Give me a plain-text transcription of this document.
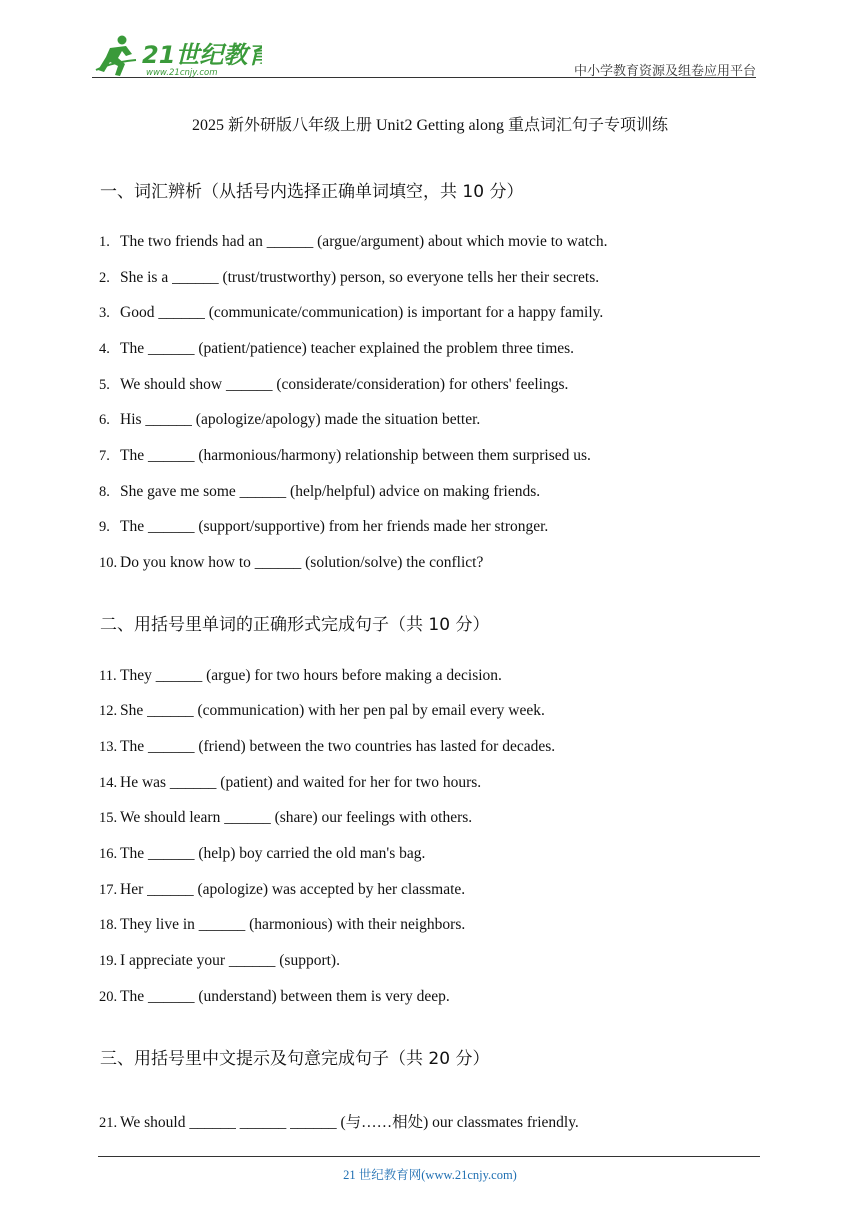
21世纪教育
www.21cnjy.com	中小学教育资源及组卷应用平台
2025 新外研版八年级上册 Unit2 Getting along 重点词汇句子专项训练
一、词汇辨析（从括号内选择正确单词填空，共 10 分）
1. The two friends had an ______ (argue/argument) about which movie to watch.
2. She is a ______ (trust/trustworthy) person, so everyone tells her their secrets.
3. Good ______ (communicate/communication) is important for a happy family.
4. The ______ (patient/patience) teacher explained the problem three times.
5. We should show ______ (considerate/consideration) for others' feelings.
6. His ______ (apologize/apology) made the situation better.
7. The ______ (harmonious/harmony) relationship between them surprised us.
8. She gave me some ______ (help/helpful) advice on making friends.
9. The ______ (support/supportive) from her friends made her stronger.
10. Do you know how to ______ (solution/solve) the conflict?
二、用括号里单词的正确形式完成句子（共 10 分）
11. They ______ (argue) for two hours before making a decision.
12. She ______ (communication) with her pen pal by email every week.
13. The ______ (friend) between the two countries has lasted for decades.
14. He was ______ (patient) and waited for her for two hours.
15. We should learn ______ (share) our feelings with others.
16. The ______ (help) boy carried the old man's bag.
17. Her ______ (apologize) was accepted by her classmate.
18. They live in ______ (harmonious) with their neighbors.
19. I appreciate your ______ (support).
20. The ______ (understand) between them is very deep.
三、用括号里中文提示及句意完成句子（共 20 分）
21. We should ______ ______ ______ (与……相处) our classmates friendly.
21 世纪教育网(www.21cnjy.com)
